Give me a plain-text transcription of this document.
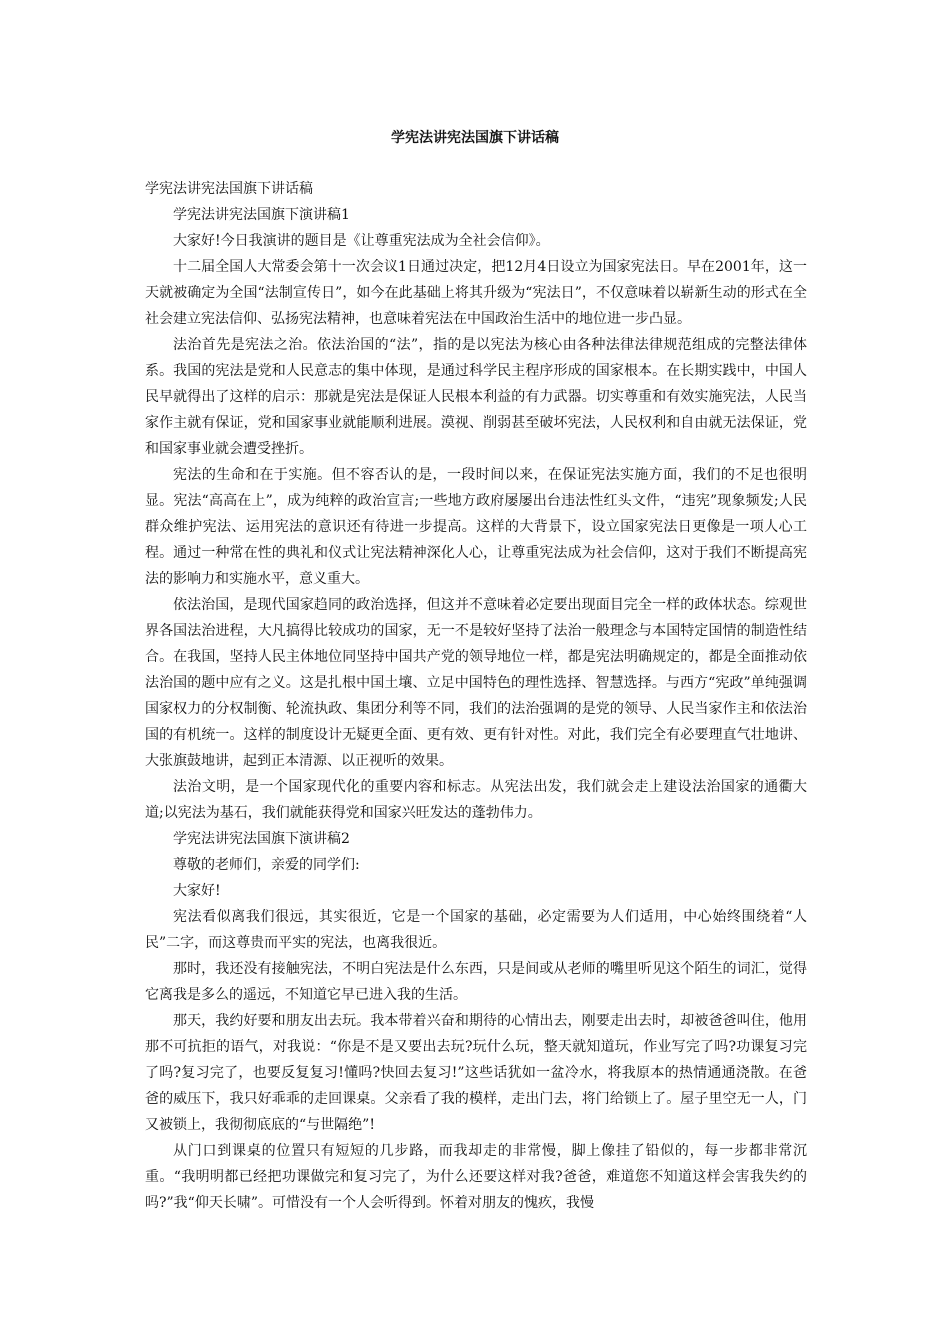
学宪法讲宪法国旗下讲话稿

学宪法讲宪法国旗下讲话稿

学宪法讲宪法国旗下演讲稿1

大家好!今日我演讲的题目是《让尊重宪法成为全社会信仰》。

十二届全国人大常委会第十一次会议1日通过决定，把12月4日设立为国家宪法日。早在2001年，这一天就被确定为全国“法制宣传日”，如今在此基础上将其升级为“宪法日”，不仅意味着以崭新生动的形式在全社会建立宪法信仰、弘扬宪法精神，也意味着宪法在中国政治生活中的地位进一步凸显。

法治首先是宪法之治。依法治国的“法”，指的是以宪法为核心由各种法律法律规范组成的完整法律体系。我国的宪法是党和人民意志的集中体现，是通过科学民主程序形成的国家根本。在长期实践中，中国人民早就得出了这样的启示：那就是宪法是保证人民根本利益的有力武器。切实尊重和有效实施宪法，人民当家作主就有保证，党和国家事业就能顺利进展。漠视、削弱甚至破坏宪法，人民权利和自由就无法保证，党和国家事业就会遭受挫折。

宪法的生命和在于实施。但不容否认的是，一段时间以来，在保证宪法实施方面，我们的不足也很明显。宪法“高高在上”，成为纯粹的政治宣言;一些地方政府屡屡出台违法性红头文件，“违宪”现象频发;人民群众维护宪法、运用宪法的意识还有待进一步提高。这样的大背景下，设立国家宪法日更像是一项人心工程。通过一种常在性的典礼和仪式让宪法精神深化人心，让尊重宪法成为社会信仰，这对于我们不断提高宪法的影响力和实施水平，意义重大。

依法治国，是现代国家趋同的政治选择，但这并不意味着必定要出现面目完全一样的政体状态。综观世界各国法治进程，大凡搞得比较成功的国家，无一不是较好坚持了法治一般理念与本国特定国情的制造性结合。在我国，坚持人民主体地位同坚持中国共产党的领导地位一样，都是宪法明确规定的，都是全面推动依法治国的题中应有之义。这是扎根中国土壤、立足中国特色的理性选择、智慧选择。与西方“宪政”单纯强调国家权力的分权制衡、轮流执政、集团分利等不同，我们的法治强调的是党的领导、人民当家作主和依法治国的有机统一。这样的制度设计无疑更全面、更有效、更有针对性。对此，我们完全有必要理直气壮地讲、大张旗鼓地讲，起到正本清源、以正视听的效果。

法治文明，是一个国家现代化的重要内容和标志。从宪法出发，我们就会走上建设法治国家的通衢大道;以宪法为基石，我们就能获得党和国家兴旺发达的蓬勃伟力。

学宪法讲宪法国旗下演讲稿2

尊敬的老师们，亲爱的同学们:

大家好!

宪法看似离我们很远，其实很近，它是一个国家的基础，必定需要为人们适用，中心始终围绕着“人民”二字，而这尊贵而平实的宪法，也离我很近。

那时，我还没有接触宪法，不明白宪法是什么东西，只是间或从老师的嘴里听见这个陌生的词汇，觉得它离我是多么的遥远，不知道它早已进入我的生活。

那天，我约好要和朋友出去玩。我本带着兴奋和期待的心情出去，刚要走出去时，却被爸爸叫住，他用那不可抗拒的语气，对我说：“你是不是又要出去玩?玩什么玩，整天就知道玩，作业写完了吗?功课复习完了吗?复习完了，也要反复复习!懂吗?快回去复习!”这些话犹如一盆冷水，将我原本的热情通通浇散。在爸爸的威压下，我只好乖乖的走回课桌。父亲看了我的模样，走出门去，将门给锁上了。屋子里空无一人，门又被锁上，我彻彻底底的“与世隔绝”!

从门口到课桌的位置只有短短的几步路，而我却走的非常慢，脚上像挂了铅似的，每一步都非常沉重。“我明明都已经把功课做完和复习完了，为什么还要这样对我?爸爸，难道您不知道这样会害我失约的吗?”我“仰天长啸”。可惜没有一个人会听得到。怀着对朋友的愧疚，我慢
